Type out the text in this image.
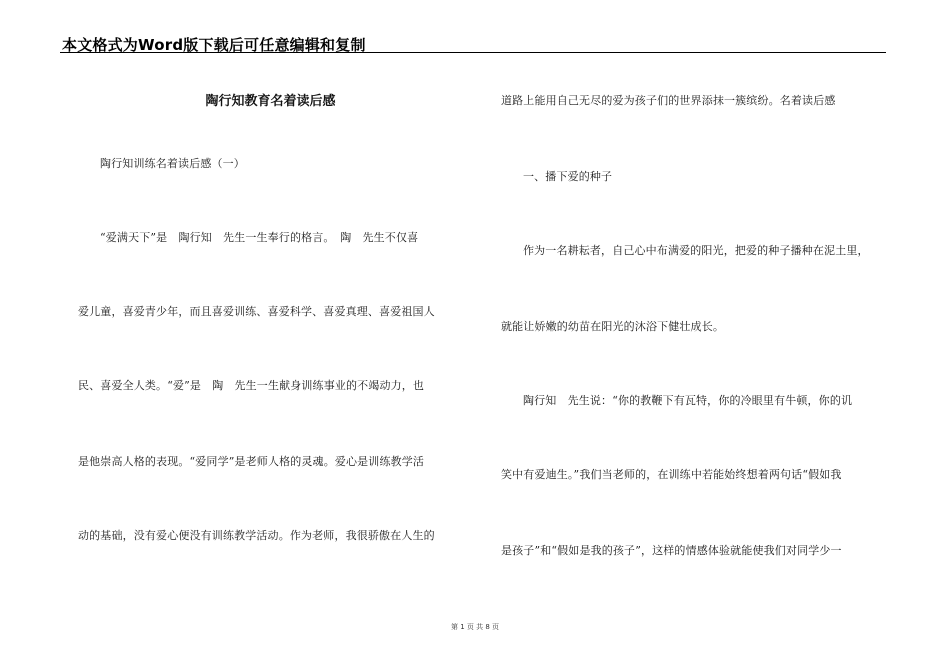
本文格式为Word版下载后可任意编辑和复制
陶行知教育名着读后感
陶行知训练名着读后感（一）
“爱满天下”是　陶行知　先生一生奉行的格言。　陶　先生不仅喜
爱儿童，喜爱青少年，而且喜爱训练、喜爱科学、喜爱真理、喜爱祖国人
民、喜爱全人类。“爱”是　陶　先生一生献身训练事业的不竭动力，也
是他崇高人格的表现。“爱同学”是老师人格的灵魂。爱心是训练教学活
动的基础，没有爱心便没有训练教学活动。作为老师，我很骄傲在人生的
道路上能用自己无尽的爱为孩子们的世界添抹一簇缤纷。名着读后感
一、播下爱的种子
作为一名耕耘者，自己心中布满爱的阳光，把爱的种子播种在泥土里，
就能让娇嫩的幼苗在阳光的沐浴下健壮成长。
陶行知　先生说：“你的教鞭下有瓦特，你的冷眼里有牛顿，你的讥
笑中有爱迪生。”我们当老师的，在训练中若能始终想着两句话“假如我
是孩子”和“假如是我的孩子”，这样的情感体验就能使我们对同学少一
第 1 页 共 8 页
